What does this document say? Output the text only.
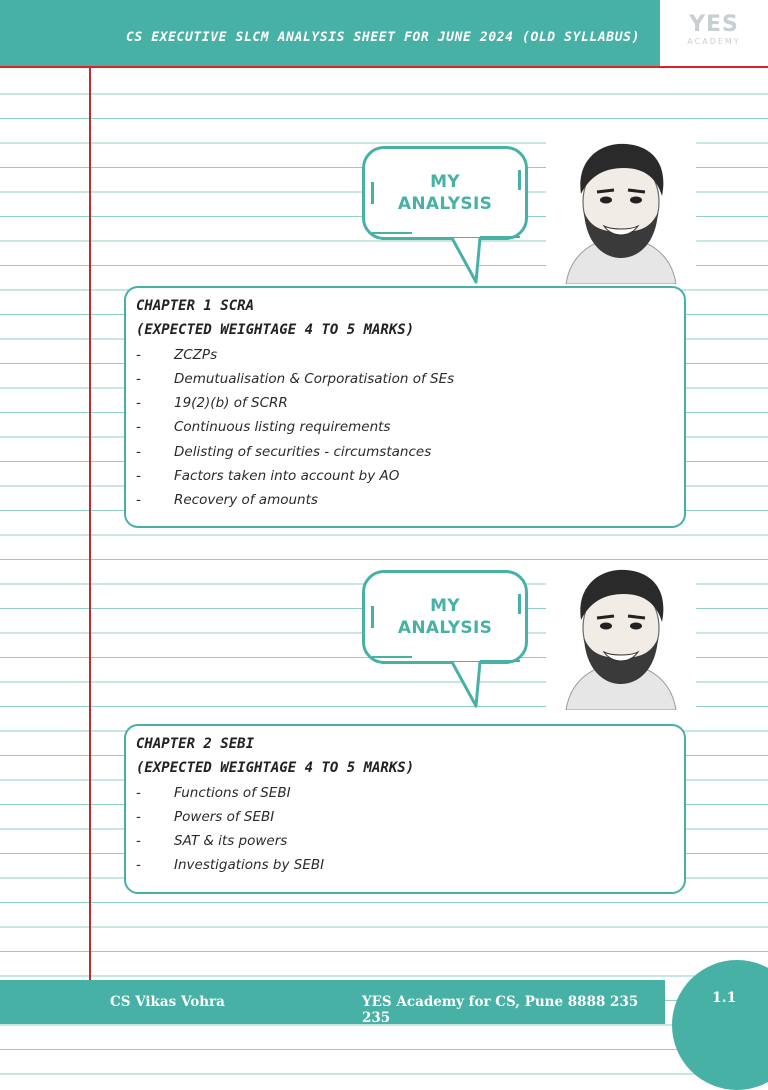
CS EXECUTIVE SLCM ANALYSIS SHEET FOR JUNE 2024 (OLD SYLLABUS)	YES
ACADEMY
MY
ANALYSIS
CHAPTER 1 SCRA
(EXPECTED WEIGHTAGE 4 TO 5 MARKS)
-	ZCZPs
-	Demutualisation & Corporatisation of SEs
-	19(2)(b) of SCRR
-	Continuous listing requirements
-	Delisting of securities - circumstances
-	Factors taken into account by AO
-	Recovery of amounts
MY
ANALYSIS
CHAPTER 2 SEBI
(EXPECTED WEIGHTAGE 4 TO 5 MARKS)
-	Functions of SEBI
-	Powers of SEBI
-	SAT & its powers
-	Investigations by SEBI
CS Vikas Vohra	YES Academy for CS, Pune 8888 235 235
1.1
